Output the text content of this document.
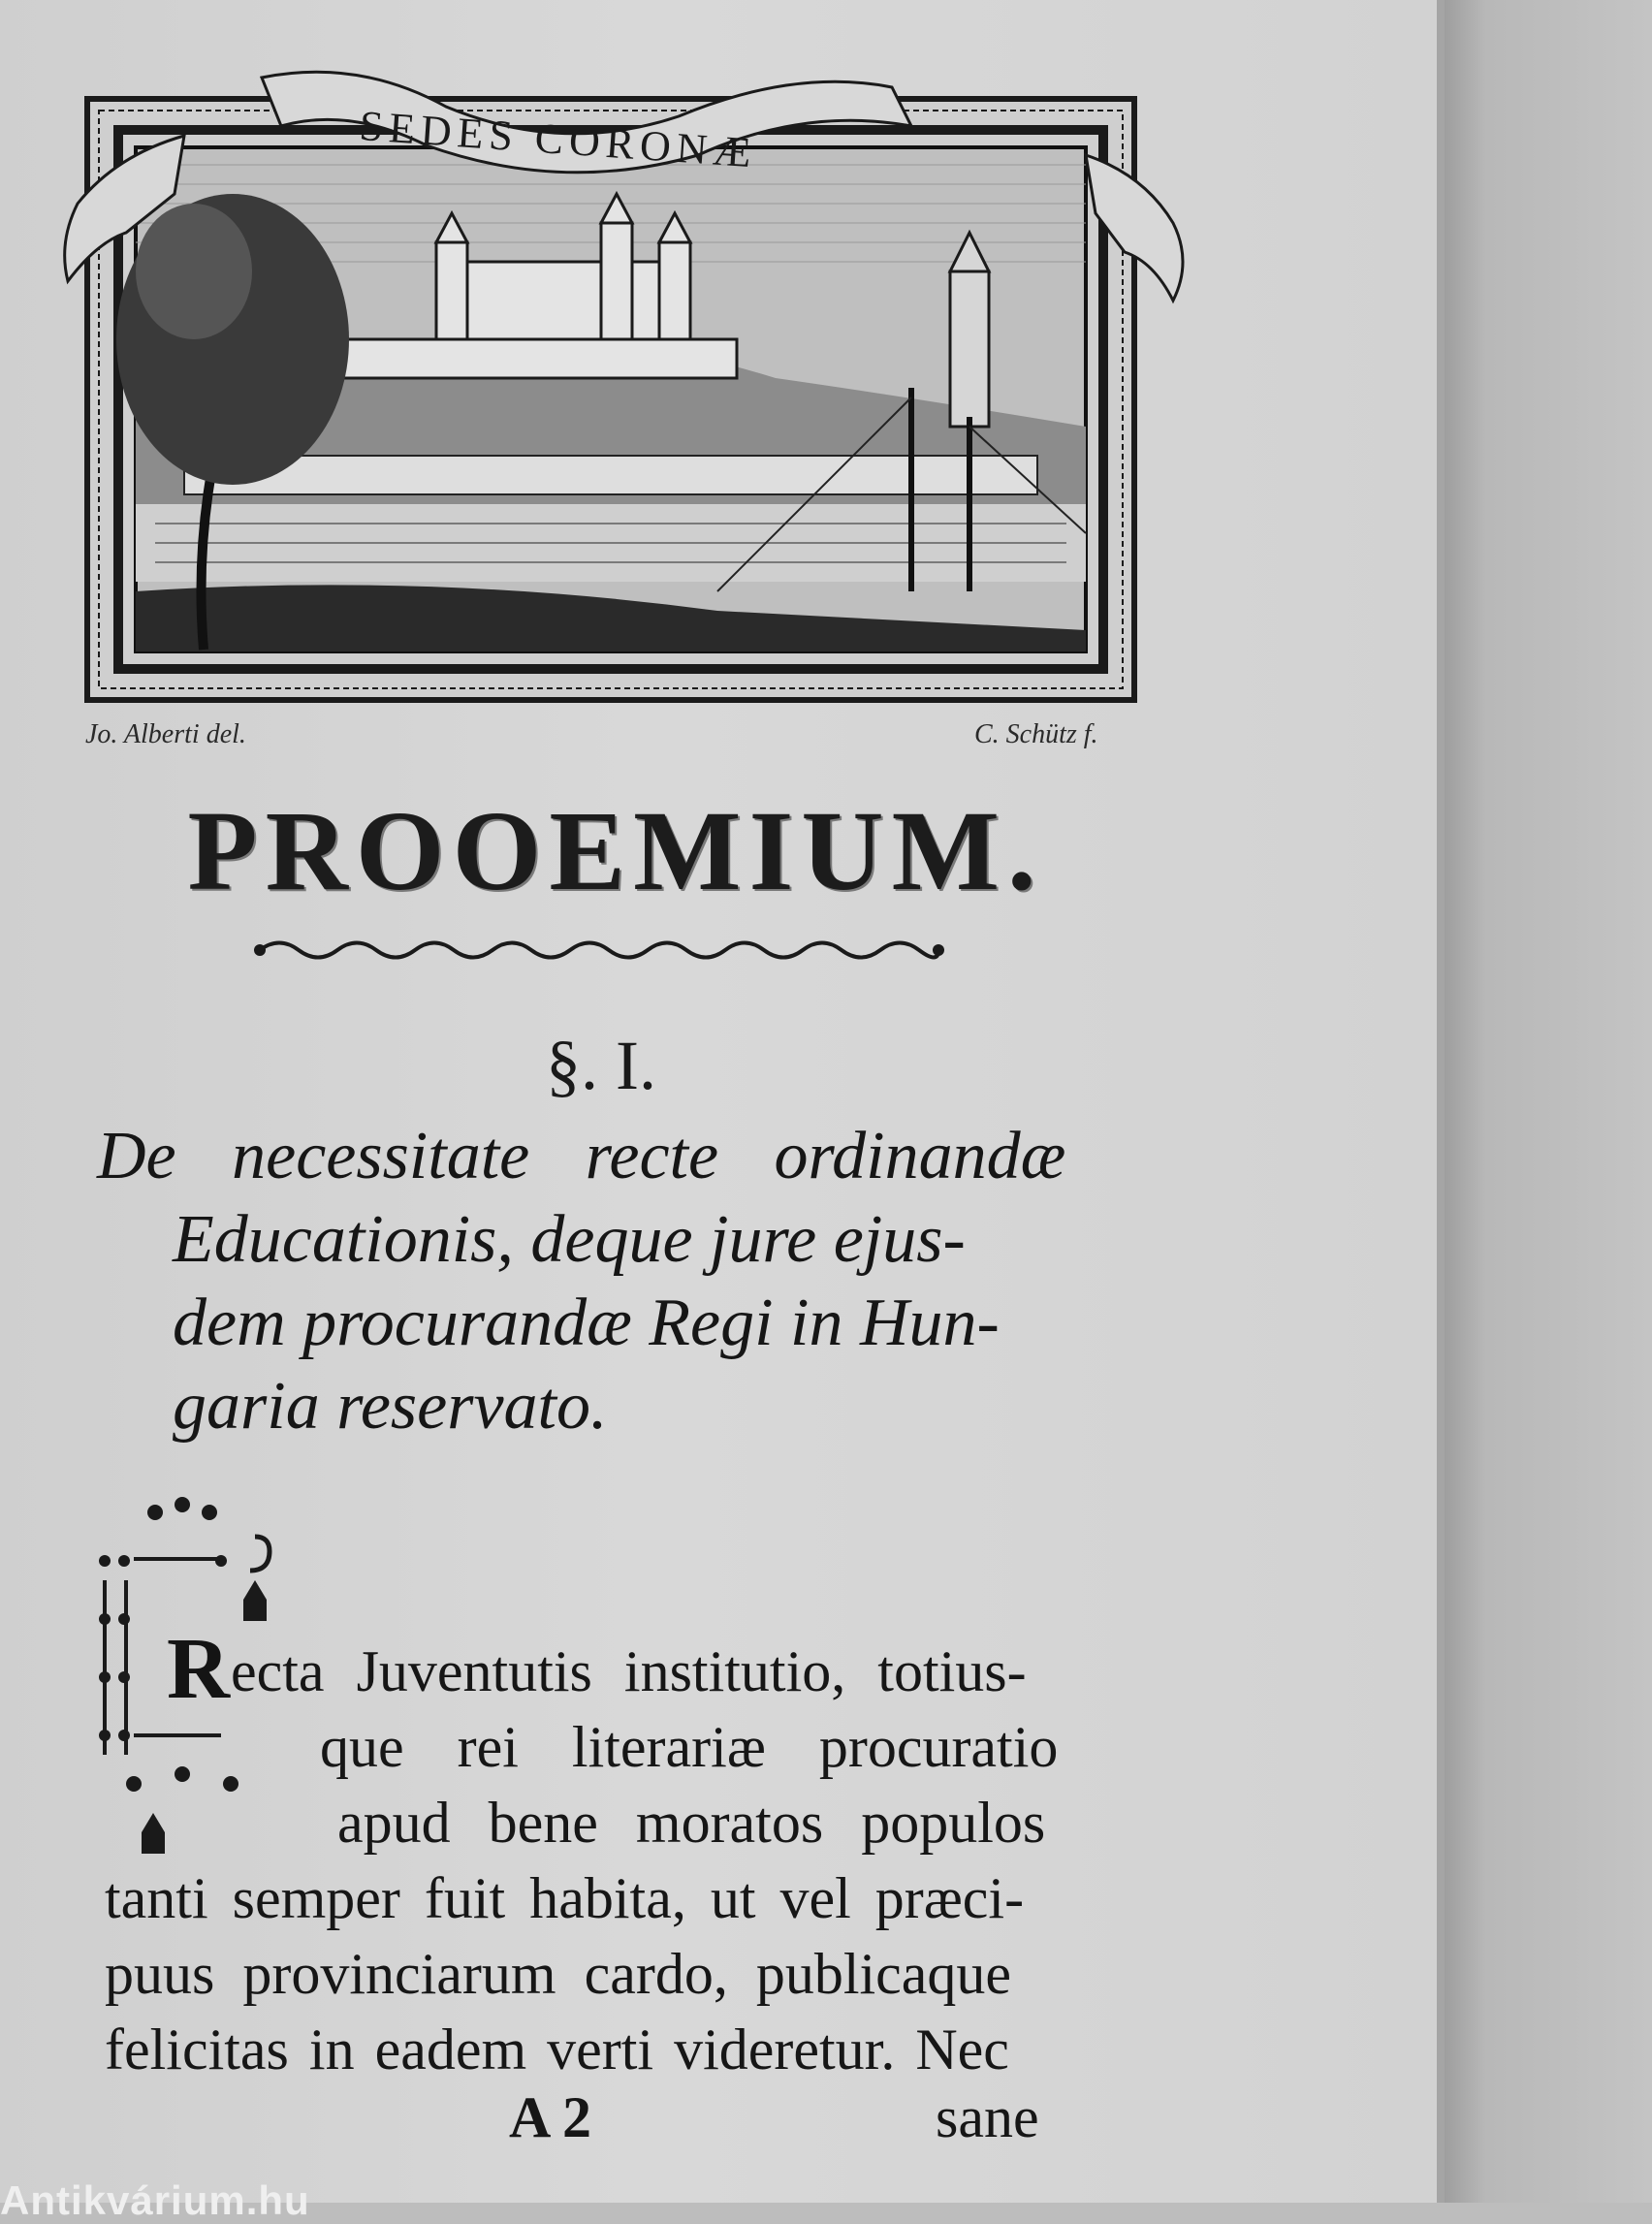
SEDES CORONÆ
Jo. Alberti del.	C. Schütz f.
PROOEMIUM.
§. I.
De necessitate recte ordinandæ
Educationis, deque jure ejus-
dem procurandæ Regi in Hun-
garia reservato.
R ecta Juventutis institutio, totius-
que rei literariæ procuratio
apud bene moratos populos
tanti semper fuit habita, ut vel præci-
puus provinciarum cardo, publicaque
felicitas in eadem verti videretur. Nec
A 2	sane
Antikvárium.hu
